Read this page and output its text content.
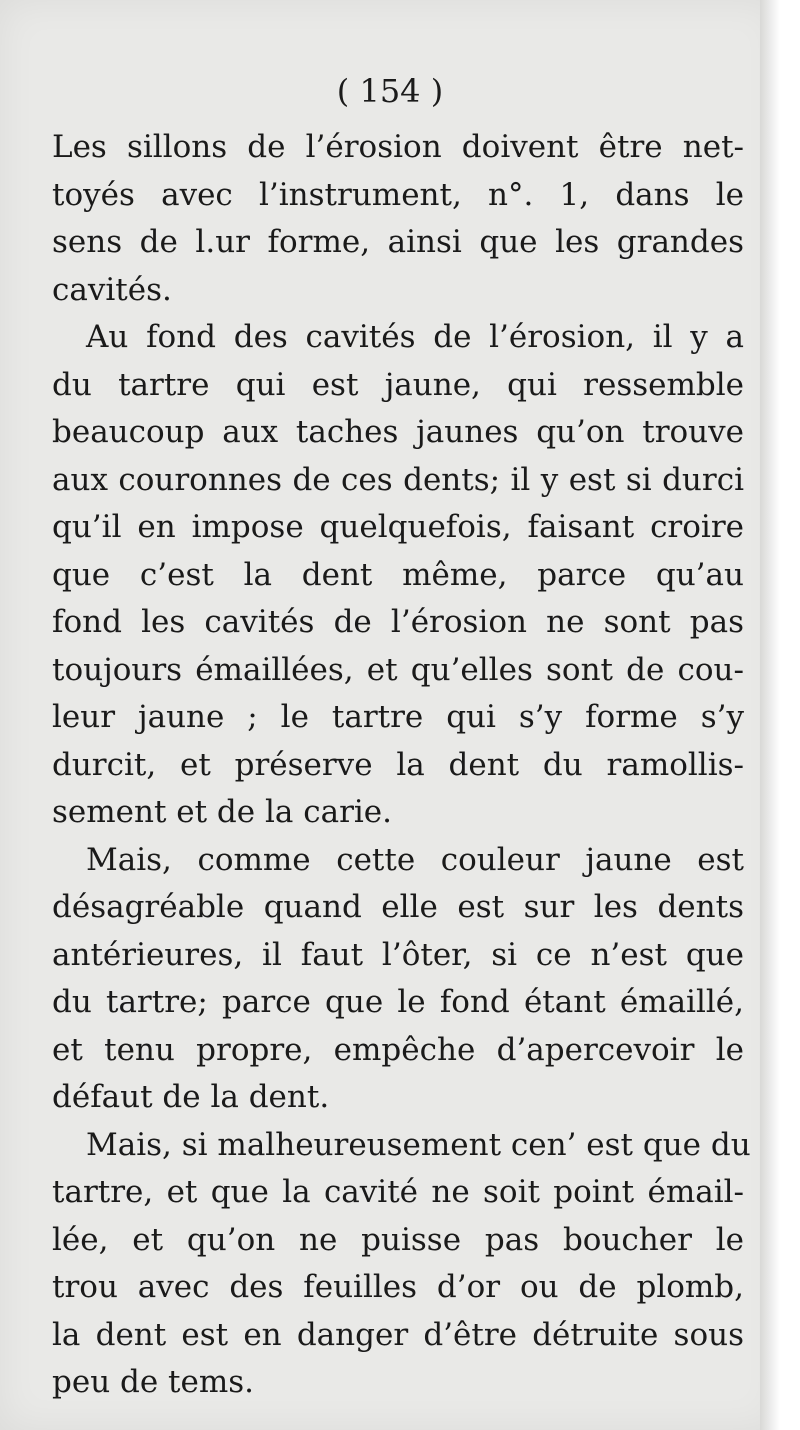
( 154 )
Les sillons de l’érosion doivent être net-
toyés avec l’instrument, n°. 1, dans le
sens de l.ur forme, ainsi que les grandes
cavités.
Au fond des cavités de l’érosion, il y a
du tartre qui est jaune, qui ressemble
beaucoup aux taches jaunes qu’on trouve
aux couronnes de ces dents; il y est si durci
qu’il en impose quelquefois, faisant croire
que c’est la dent même, parce qu’au
fond les cavités de l’érosion ne sont pas
toujours émaillées, et qu’elles sont de cou-
leur jaune ; le tartre qui s’y forme s’y
durcit, et préserve la dent du ramollis-
sement et de la carie.
Mais, comme cette couleur jaune est
désagréable quand elle est sur les dents
antérieures, il faut l’ôter, si ce n’est que
du tartre; parce que le fond étant émaillé,
et tenu propre, empêche d’apercevoir le
défaut de la dent.
Mais, si malheureusement cen’ est que du
tartre, et que la cavité ne soit point émail-
lée, et qu’on ne puisse pas boucher le
trou avec des feuilles d’or ou de plomb,
la dent est en danger d’être détruite sous
peu de tems.
